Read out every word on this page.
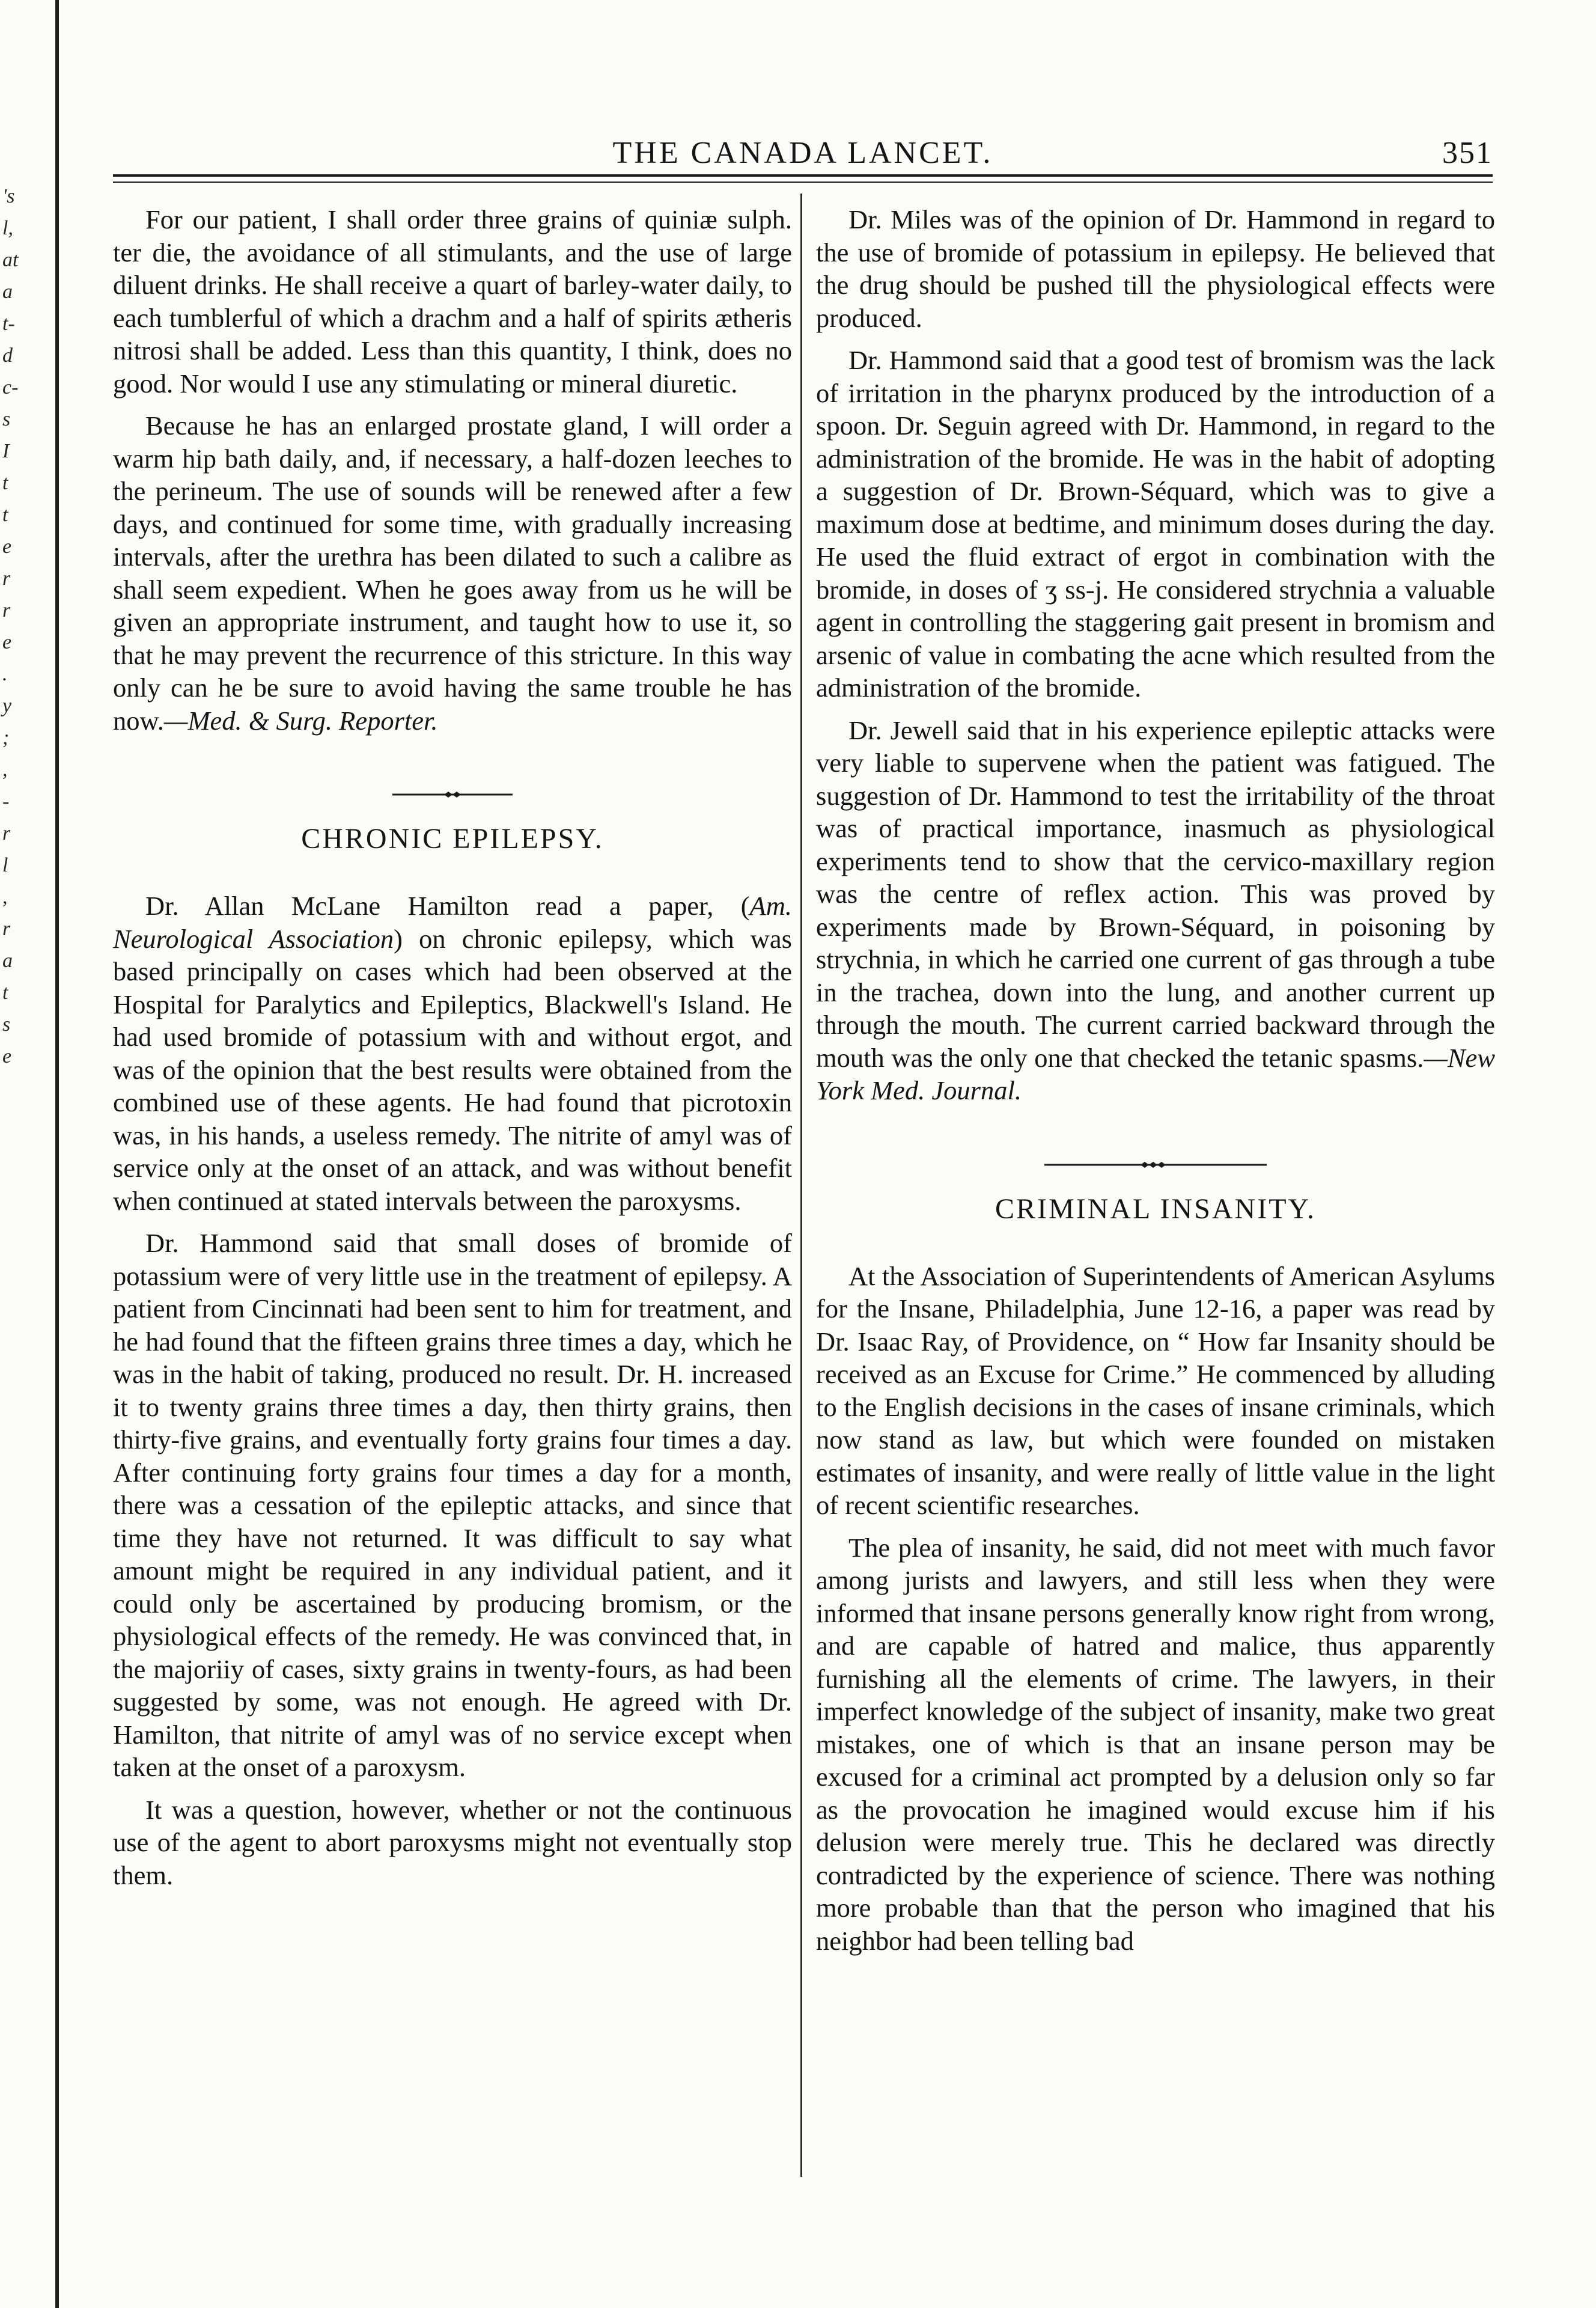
's
l,
at
a
t-
d
c-
s
I
t
t
e
r
r
e
.
y
;
,
-
r
l
,
r
a
t
s
e
THE CANADA LANCET.	351

For our patient, I shall order three grains of quiniæ sulph. ter die, the avoidance of all stimulants, and the use of large diluent drinks. He shall receive a quart of barley-water daily, to each tumblerful of which a drachm and a half of spirits ætheris nitrosi shall be added. Less than this quantity, I think, does no good. Nor would I use any stimulating or mineral diuretic.

Because he has an enlarged prostate gland, I will order a warm hip bath daily, and, if necessary, a half-dozen leeches to the perineum. The use of sounds will be renewed after a few days, and continued for some time, with gradually increasing intervals, after the urethra has been dilated to such a calibre as shall seem expedient. When he goes away from us he will be given an appropriate instrument, and taught how to use it, so that he may prevent the recurrence of this stricture. In this way only can he be sure to avoid having the same trouble he has now.—Med. & Surg. Reporter.

CHRONIC EPILEPSY.

Dr. Allan McLane Hamilton read a paper, (Am. Neurological Association) on chronic epilepsy, which was based principally on cases which had been observed at the Hospital for Paralytics and Epileptics, Blackwell's Island. He had used bromide of potassium with and without ergot, and was of the opinion that the best results were obtained from the combined use of these agents. He had found that picrotoxin was, in his hands, a useless remedy. The nitrite of amyl was of service only at the onset of an attack, and was without benefit when continued at stated intervals between the paroxysms.

Dr. Hammond said that small doses of bromide of potassium were of very little use in the treatment of epilepsy. A patient from Cincinnati had been sent to him for treatment, and he had found that the fifteen grains three times a day, which he was in the habit of taking, produced no result. Dr. H. increased it to twenty grains three times a day, then thirty grains, then thirty-five grains, and eventually forty grains four times a day. After continuing forty grains four times a day for a month, there was a cessation of the epileptic attacks, and since that time they have not returned. It was difficult to say what amount might be required in any individual patient, and it could only be ascertained by producing bromism, or the physiological effects of the remedy. He was convinced that, in the majoriiy of cases, sixty grains in twenty-fours, as had been suggested by some, was not enough. He agreed with Dr. Hamilton, that nitrite of amyl was of no service except when taken at the onset of a paroxysm.

It was a question, however, whether or not the continuous use of the agent to abort paroxysms might not eventually stop them.

Dr. Miles was of the opinion of Dr. Hammond in regard to the use of bromide of potassium in epilepsy. He believed that the drug should be pushed till the physiological effects were produced.

Dr. Hammond said that a good test of bromism was the lack of irritation in the pharynx produced by the introduction of a spoon. Dr. Seguin agreed with Dr. Hammond, in regard to the administration of the bromide. He was in the habit of adopting a suggestion of Dr. Brown-Séquard, which was to give a maximum dose at bedtime, and minimum doses during the day. He used the fluid extract of ergot in combination with the bromide, in doses of ʒ ss-j. He considered strychnia a valuable agent in controlling the staggering gait present in bromism and arsenic of value in combating the acne which resulted from the administration of the bromide.

Dr. Jewell said that in his experience epileptic attacks were very liable to supervene when the patient was fatigued. The suggestion of Dr. Hammond to test the irritability of the throat was of practical importance, inasmuch as physiological experiments tend to show that the cervico-maxillary region was the centre of reflex action. This was proved by experiments made by Brown-Séquard, in poisoning by strychnia, in which he carried one current of gas through a tube in the trachea, down into the lung, and another current up through the mouth. The current carried backward through the mouth was the only one that checked the tetanic spasms.—New York Med. Journal.

CRIMINAL INSANITY.

At the Association of Superintendents of American Asylums for the Insane, Philadelphia, June 12-16, a paper was read by Dr. Isaac Ray, of Providence, on “ How far Insanity should be received as an Excuse for Crime.” He commenced by alluding to the English decisions in the cases of insane criminals, which now stand as law, but which were founded on mistaken estimates of insanity, and were really of little value in the light of recent scientific researches.

The plea of insanity, he said, did not meet with much favor among jurists and lawyers, and still less when they were informed that insane persons generally know right from wrong, and are capable of hatred and malice, thus apparently furnishing all the elements of crime. The lawyers, in their imperfect knowledge of the subject of insanity, make two great mistakes, one of which is that an insane person may be excused for a criminal act prompted by a delusion only so far as the provocation he imagined would excuse him if his delusion were merely true. This he declared was directly contradicted by the experience of science. There was nothing more probable than that the person who imagined that his neighbor had been telling bad
